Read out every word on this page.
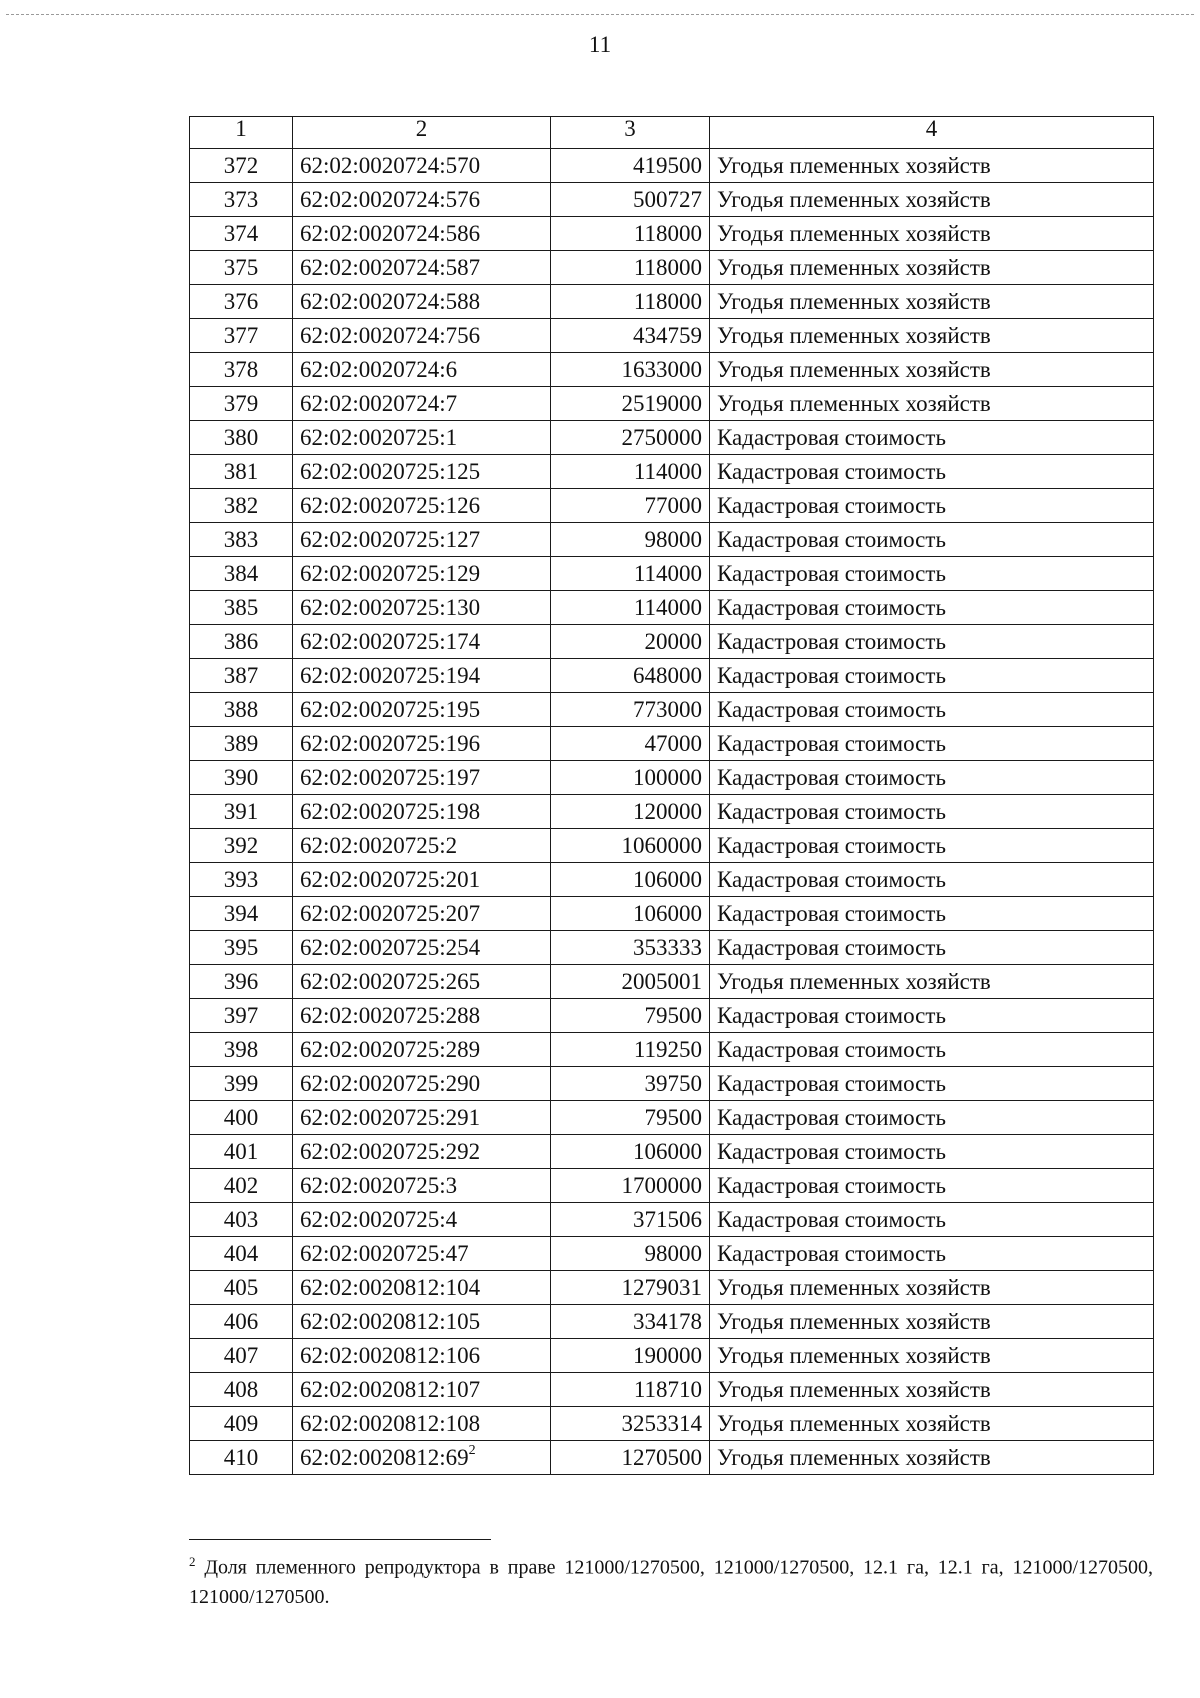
11
1	2	3	4
372	62:02:0020724:570	419500	Угодья племенных хозяйств
373	62:02:0020724:576	500727	Угодья племенных хозяйств
374	62:02:0020724:586	118000	Угодья племенных хозяйств
375	62:02:0020724:587	118000	Угодья племенных хозяйств
376	62:02:0020724:588	118000	Угодья племенных хозяйств
377	62:02:0020724:756	434759	Угодья племенных хозяйств
378	62:02:0020724:6	1633000	Угодья племенных хозяйств
379	62:02:0020724:7	2519000	Угодья племенных хозяйств
380	62:02:0020725:1	2750000	Кадастровая стоимость
381	62:02:0020725:125	114000	Кадастровая стоимость
382	62:02:0020725:126	77000	Кадастровая стоимость
383	62:02:0020725:127	98000	Кадастровая стоимость
384	62:02:0020725:129	114000	Кадастровая стоимость
385	62:02:0020725:130	114000	Кадастровая стоимость
386	62:02:0020725:174	20000	Кадастровая стоимость
387	62:02:0020725:194	648000	Кадастровая стоимость
388	62:02:0020725:195	773000	Кадастровая стоимость
389	62:02:0020725:196	47000	Кадастровая стоимость
390	62:02:0020725:197	100000	Кадастровая стоимость
391	62:02:0020725:198	120000	Кадастровая стоимость
392	62:02:0020725:2	1060000	Кадастровая стоимость
393	62:02:0020725:201	106000	Кадастровая стоимость
394	62:02:0020725:207	106000	Кадастровая стоимость
395	62:02:0020725:254	353333	Кадастровая стоимость
396	62:02:0020725:265	2005001	Угодья племенных хозяйств
397	62:02:0020725:288	79500	Кадастровая стоимость
398	62:02:0020725:289	119250	Кадастровая стоимость
399	62:02:0020725:290	39750	Кадастровая стоимость
400	62:02:0020725:291	79500	Кадастровая стоимость
401	62:02:0020725:292	106000	Кадастровая стоимость
402	62:02:0020725:3	1700000	Кадастровая стоимость
403	62:02:0020725:4	371506	Кадастровая стоимость
404	62:02:0020725:47	98000	Кадастровая стоимость
405	62:02:0020812:104	1279031	Угодья племенных хозяйств
406	62:02:0020812:105	334178	Угодья племенных хозяйств
407	62:02:0020812:106	190000	Угодья племенных хозяйств
408	62:02:0020812:107	118710	Угодья племенных хозяйств
409	62:02:0020812:108	3253314	Угодья племенных хозяйств
410	$62:02:0020812:69^2$	1270500	Угодья племенных хозяйств
$^2$ Доля племенного репродуктора в праве 121000/1270500, 121000/1270500, 12.1 га, 12.1 га, 121000/1270500, 121000/1270500.
